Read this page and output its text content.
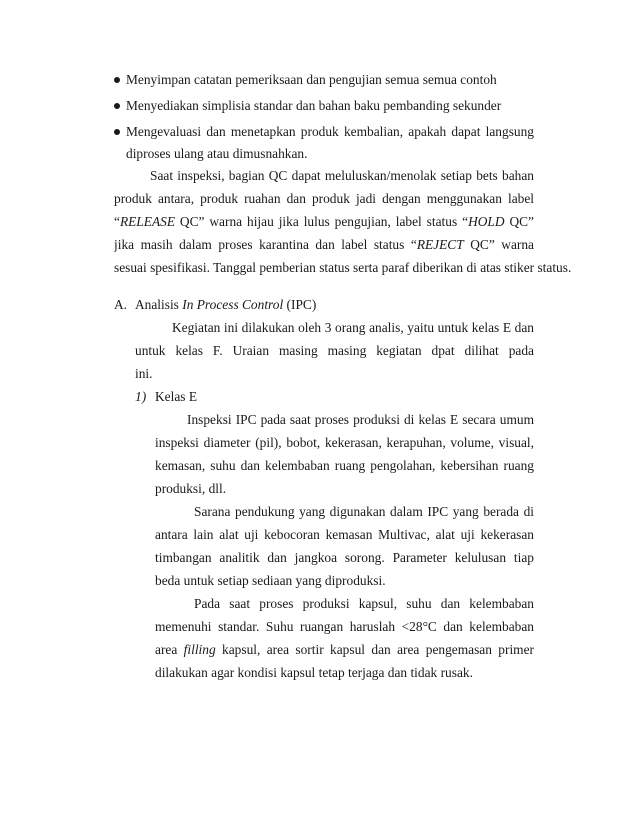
Menyimpan catatan pemeriksaan dan pengujian semua semua contoh
Menyediakan simplisia standar dan bahan baku pembanding sekunder
Mengevaluasi dan menetapkan produk kembalian, apakah dapat langsung
diproses ulang atau dimusnahkan.
Saat inspeksi, bagian QC dapat meluluskan/menolak setiap bets bahan
produk antara, produk ruahan dan produk jadi dengan menggunakan label
“RELEASE QC” warna hijau jika lulus pengujian, label status “HOLD QC”
jika masih dalam proses karantina dan label status “REJECT QC” warna
sesuai spesifikasi. Tanggal pemberian status serta paraf diberikan di atas stiker status.
A. Analisis In Process Control (IPC)
Kegiatan ini dilakukan oleh 3 orang analis, yaitu untuk kelas E dan
untuk kelas F. Uraian masing masing kegiatan dpat dilihat pada
ini.
1) Kelas E
Inspeksi IPC pada saat proses produksi di kelas E secara umum
inspeksi diameter (pil), bobot, kekerasan, kerapuhan, volume, visual,
kemasan, suhu dan kelembaban ruang pengolahan, kebersihan ruang
produksi, dll.
Sarana pendukung yang digunakan dalam IPC yang berada di
antara lain alat uji kebocoran kemasan Multivac, alat uji kekerasan
timbangan analitik dan jangkoa sorong. Parameter kelulusan tiap
beda untuk setiap sediaan yang diproduksi.
Pada saat proses produksi kapsul, suhu dan kelembaban
memenuhi standar. Suhu ruangan haruslah <28°C dan kelembaban
area filling kapsul, area sortir kapsul dan area pengemasan primer
dilakukan agar kondisi kapsul tetap terjaga dan tidak rusak.
